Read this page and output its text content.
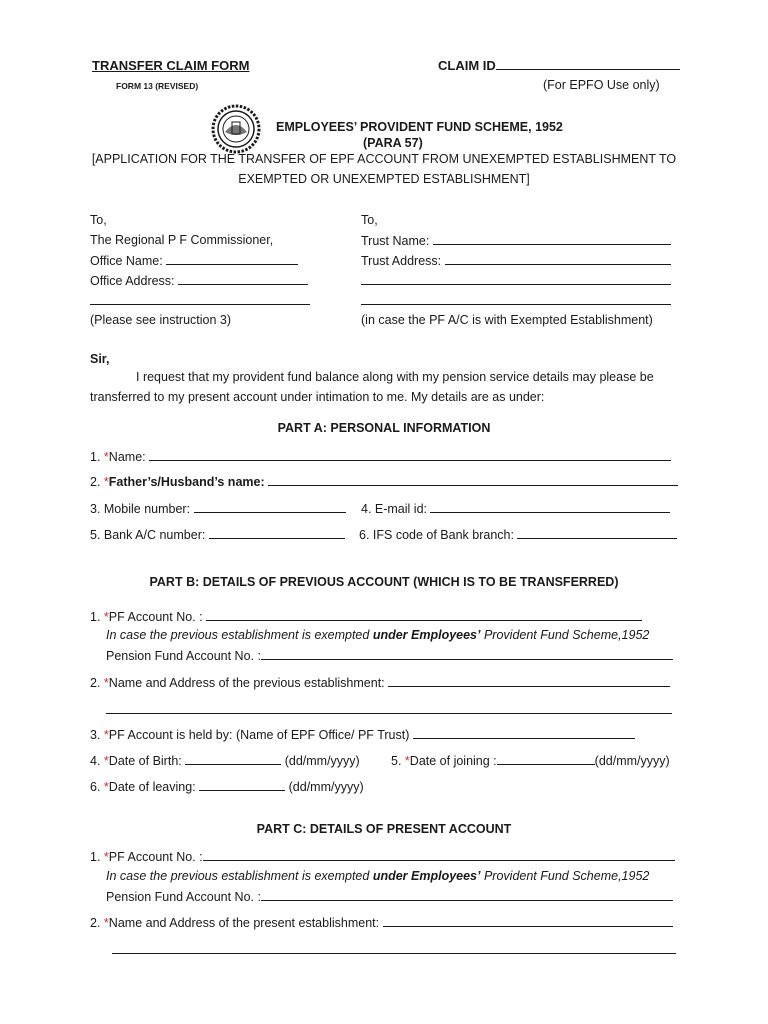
TRANSFER CLAIM FORM
FORM 13 (REVISED)
CLAIM ID
(For EPFO Use only)
EMPLOYEES’ PROVIDENT FUND SCHEME, 1952
(PARA 57)
[APPLICATION FOR THE TRANSFER OF EPF ACCOUNT FROM UNEXEMPTED ESTABLISHMENT TO
EXEMPTED OR UNEXEMPTED ESTABLISHMENT]
To,
The Regional P F Commissioner,
Office Name:
Office Address:
(Please see instruction 3)
To,
Trust Name:
Trust Address:
(in case the PF A/C is with Exempted Establishment)
Sir,
I request that my provident fund balance along with my pension service details may please be
transferred to my present account under intimation to me. My details are as under:
PART A: PERSONAL INFORMATION
1. *Name:
2. *Father’s/Husband’s name:
3. Mobile number:	4. E-mail id:
5. Bank A/C number:	6. IFS code of Bank branch:
PART B: DETAILS OF PREVIOUS ACCOUNT (WHICH IS TO BE TRANSFERRED)
1. *PF Account No. :
In case the previous establishment is exempted under Employees’ Provident Fund Scheme,1952
Pension Fund Account No. :
2. *Name and Address of the previous establishment:
3. *PF Account is held by: (Name of EPF Office/ PF Trust)
4. *Date of Birth:	(dd/mm/yyyy)	5. *Date of joining :	(dd/mm/yyyy)
6. *Date of leaving:	(dd/mm/yyyy)
PART C: DETAILS OF PRESENT ACCOUNT
1. *PF Account No. :
In case the previous establishment is exempted under Employees’ Provident Fund Scheme,1952
Pension Fund Account No. :
2. *Name and Address of the present establishment:
